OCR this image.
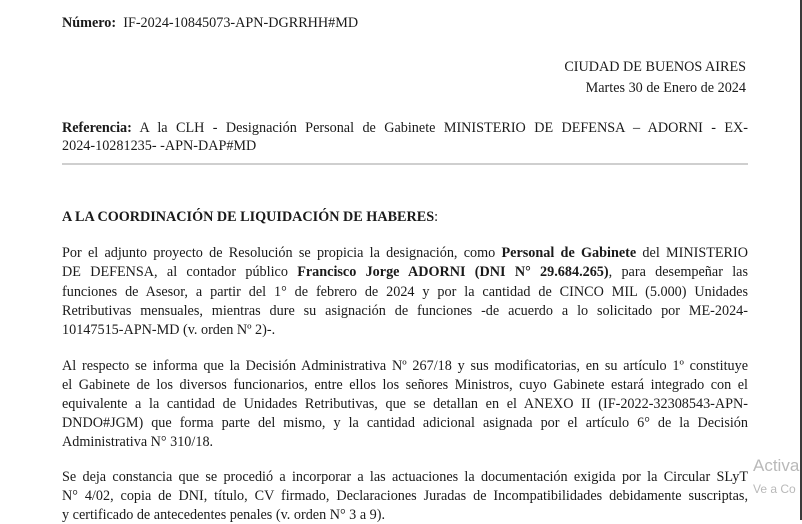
Número: IF-2024-10845073-APN-DGRRHH#MD
CIUDAD DE BUENOS AIRES
Martes 30 de Enero de 2024
Referencia: A la CLH - Designación Personal de Gabinete MINISTERIO DE DEFENSA – ADORNI - EX-
2024-10281235- -APN-DAP#MD
A LA COORDINACIÓN DE LIQUIDACIÓN DE HABERES:
Por el adjunto proyecto de Resolución se propicia la designación, como Personal de Gabinete del MINISTERIO
DE DEFENSA, al contador público Francisco Jorge ADORNI (DNI N° 29.684.265), para desempeñar las
funciones de Asesor, a partir del 1° de febrero de 2024 y por la cantidad de CINCO MIL (5.000) Unidades
Retributivas mensuales, mientras dure su asignación de funciones -de acuerdo a lo solicitado por ME-2024-
10147515-APN-MD (v. orden Nº 2)-.
Al respecto se informa que la Decisión Administrativa Nº 267/18 y sus modificatorias, en su artículo 1º constituye
el Gabinete de los diversos funcionarios, entre ellos los señores Ministros, cuyo Gabinete estará integrado con el
equivalente a la cantidad de Unidades Retributivas, que se detallan en el ANEXO II (IF-2022-32308543-APN-
DNDO#JGM) que forma parte del mismo, y la cantidad adicional asignada por el artículo 6° de la Decisión
Administrativa N° 310/18.
Se deja constancia que se procedió a incorporar a las actuaciones la documentación exigida por la Circular SLyT
N° 4/02, copia de DNI, título, CV firmado, Declaraciones Juradas de Incompatibilidades debidamente suscriptas,
y certificado de antecedentes penales (v. orden N° 3 a 9).
Activa
Ve a Co
